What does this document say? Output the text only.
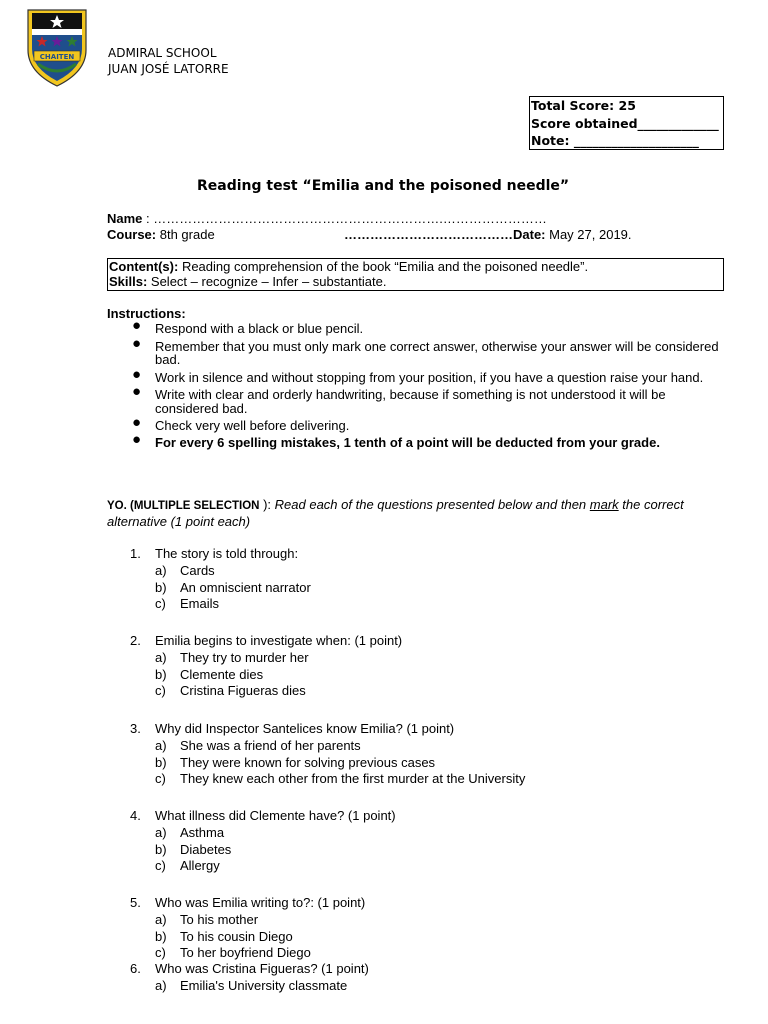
CHAITEN	ADMIRAL SCHOOL
JUAN JOSÉ LATORRE
Total Score: 25
Score obtained_____________
Note: ____________________
Reading test “Emilia and the poisoned needle”
Name : ………………………………………………………….……………………
Course: 8th grade	…………………………………Date: May 27, 2019.
Content(s): Reading comprehension of the book “Emilia and the poisoned needle”.
Skills: Select – recognize – Infer – substantiate.
Instructions:
● Respond with a black or blue pencil.
● Remember that you must only mark one correct answer, otherwise your answer will be considered bad.
● Work in silence and without stopping from your position, if you have a question raise your hand.
● Write with clear and orderly handwriting, because if something is not understood it will be considered bad.
● Check very well before delivering.
● For every 6 spelling mistakes, 1 tenth of a point will be deducted from your grade.
YO. (MULTIPLE SELECTION ): Read each of the questions presented below and then mark the correct alternative (1 point each)
1. The story is told through:
a) Cards
b) An omniscient narrator
c) Emails
2. Emilia begins to investigate when: (1 point)
a) They try to murder her
b) Clemente dies
c) Cristina Figueras dies
3. Why did Inspector Santelices know Emilia? (1 point)
a) She was a friend of her parents
b) They were known for solving previous cases
c) They knew each other from the first murder at the University
4. What illness did Clemente have? (1 point)
a) Asthma
b) Diabetes
c) Allergy
5. Who was Emilia writing to?: (1 point)
a) To his mother
b) To his cousin Diego
c) To her boyfriend Diego
6. Who was Cristina Figueras? (1 point)
a) Emilia's University classmate
